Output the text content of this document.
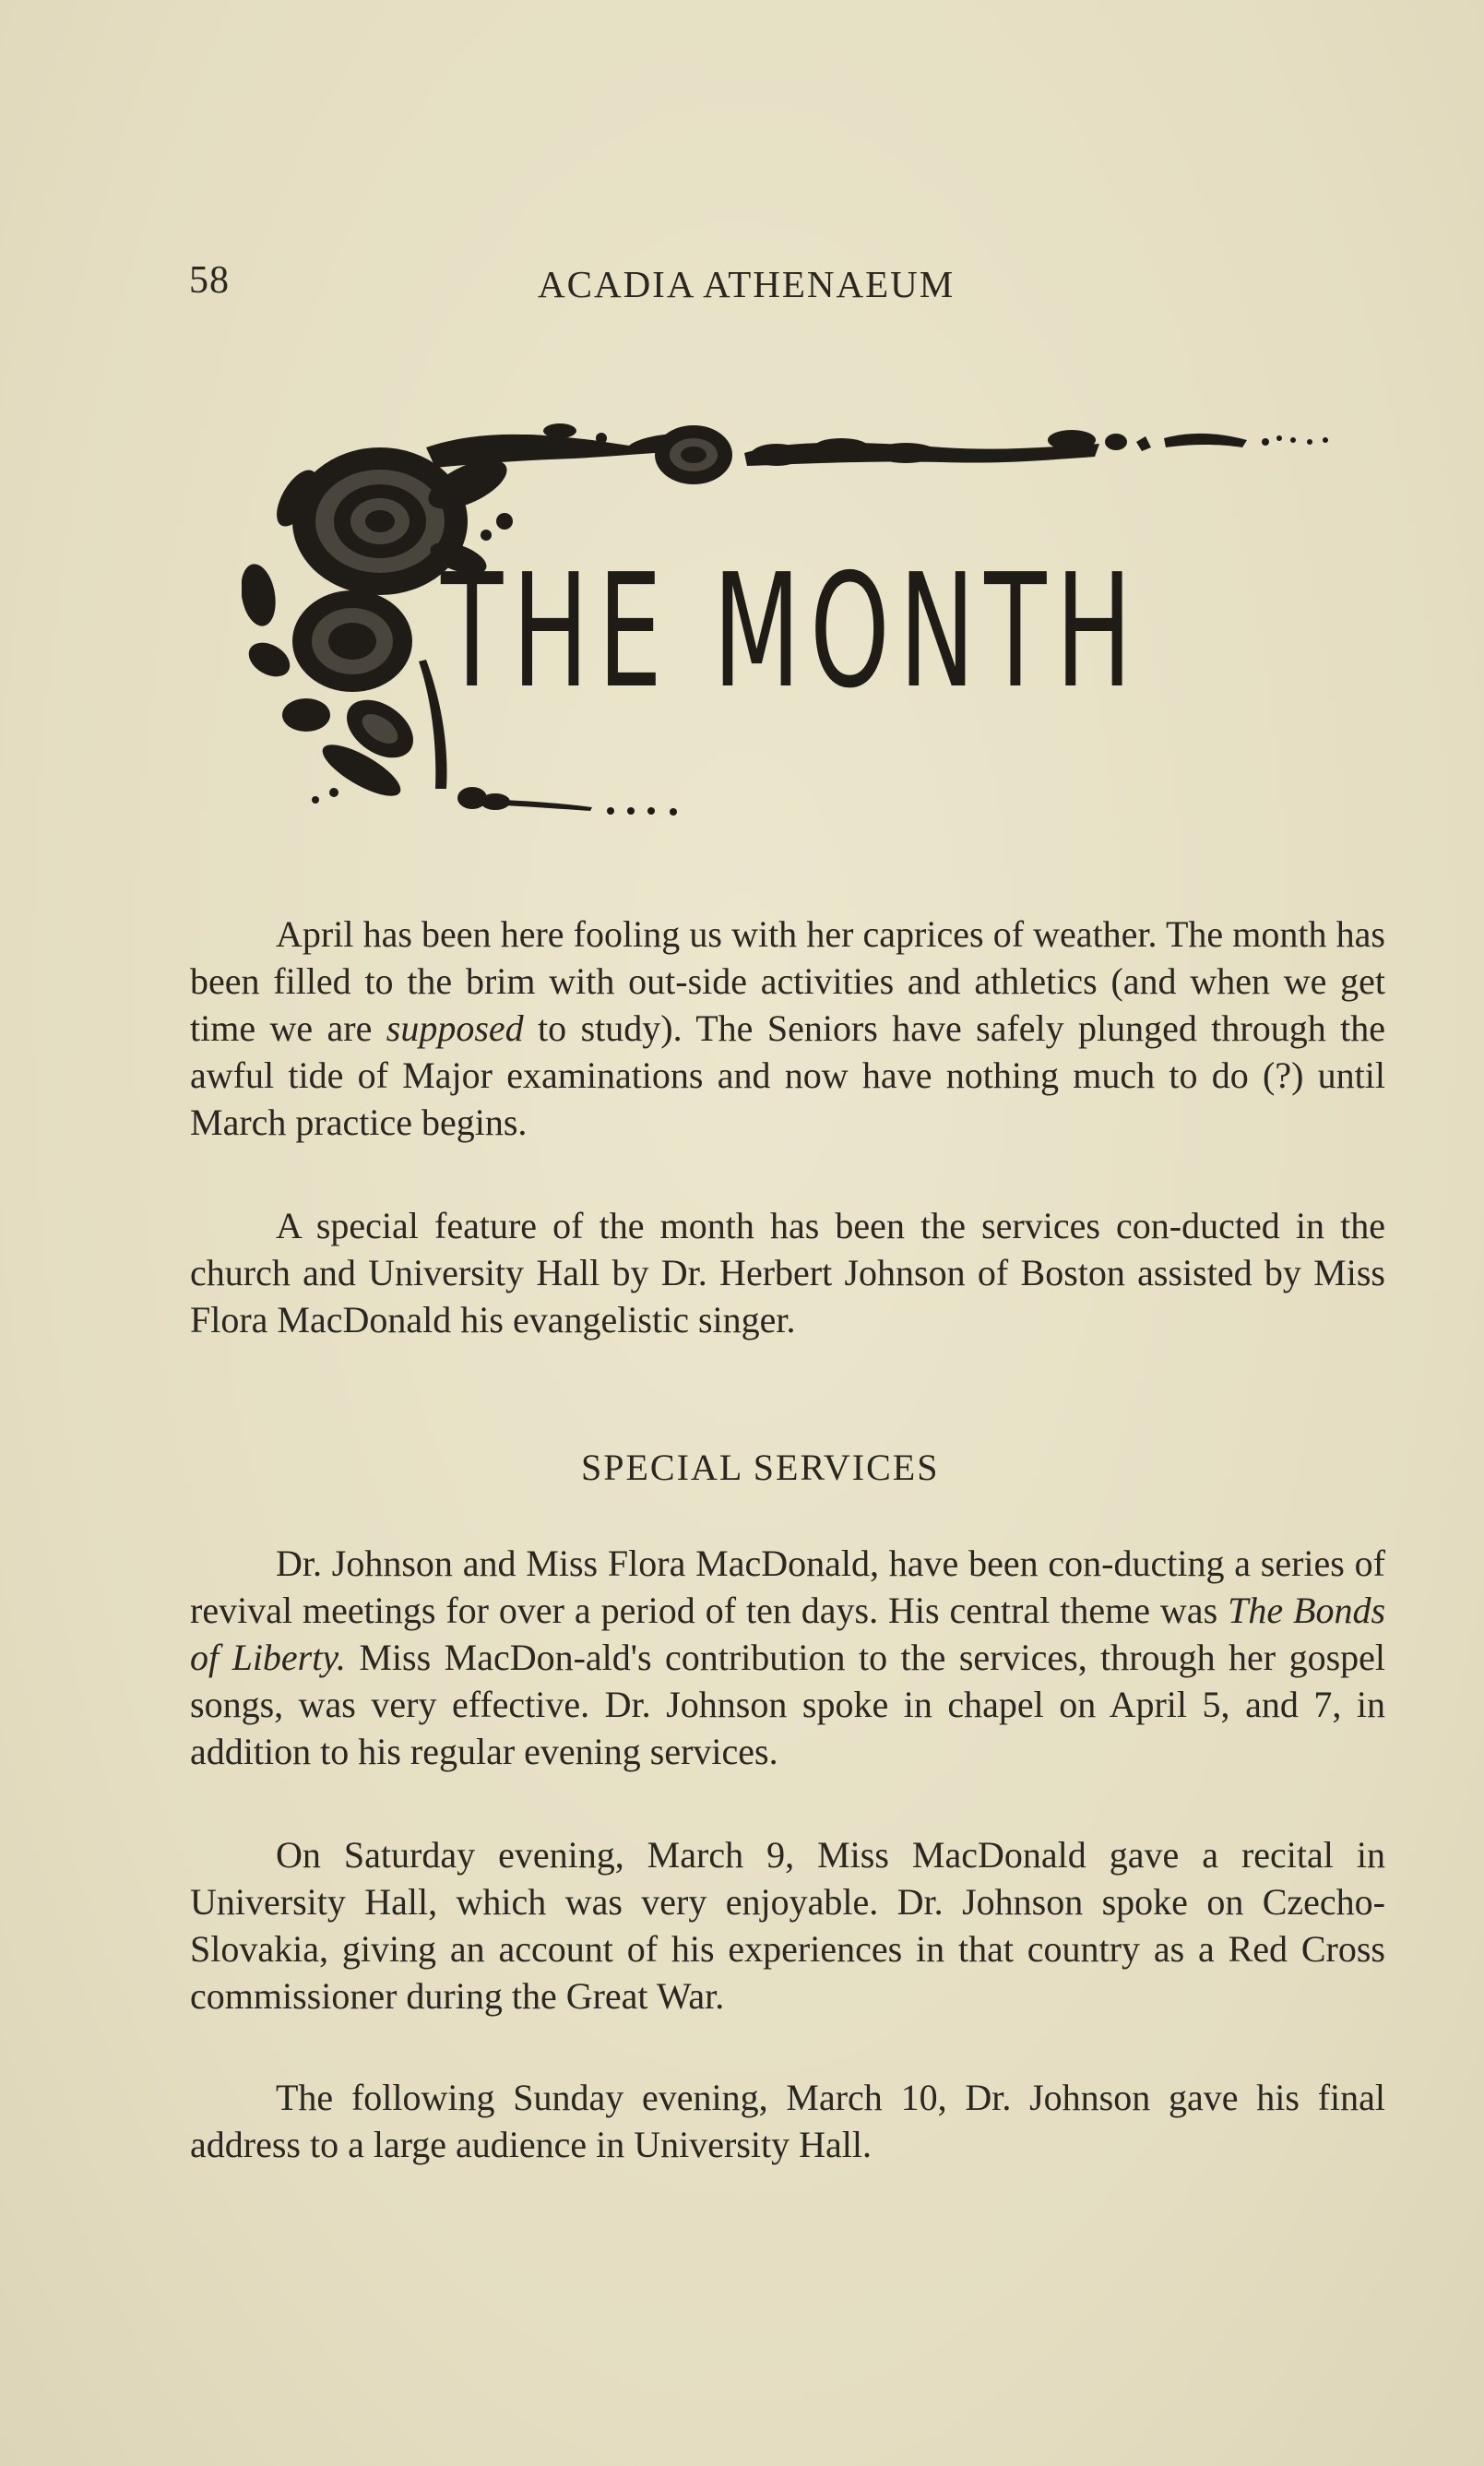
58	ACADIA ATHENAEUM
THE MONTH

April has been here fooling us with her caprices of weather. The month has been filled to the brim with out-side activities and athletics (and when we get time we are supposed to study). The Seniors have safely plunged through the awful tide of Major examinations and now have nothing much to do (?) until March practice begins.

A special feature of the month has been the services con-ducted in the church and University Hall by Dr. Herbert Johnson of Boston assisted by Miss Flora MacDonald his evangelistic singer.

SPECIAL SERVICES

Dr. Johnson and Miss Flora MacDonald, have been con-ducting a series of revival meetings for over a period of ten days. His central theme was The Bonds of Liberty. Miss MacDon-ald's contribution to the services, through her gospel songs, was very effective. Dr. Johnson spoke in chapel on April 5, and 7, in addition to his regular evening services.

On Saturday evening, March 9, Miss MacDonald gave a recital in University Hall, which was very enjoyable. Dr. Johnson spoke on Czecho-Slovakia, giving an account of his experiences in that country as a Red Cross commissioner during the Great War.

The following Sunday evening, March 10, Dr. Johnson gave his final address to a large audience in University Hall.
